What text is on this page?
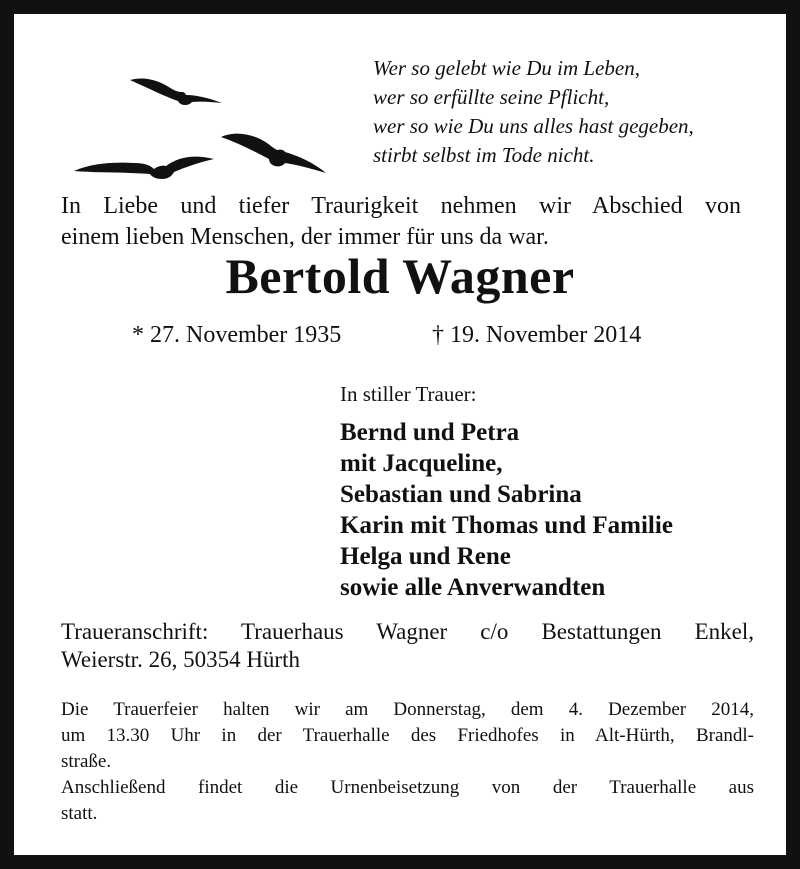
Wer so gelebt wie Du im Leben,
wer so erfüllte seine Pflicht,
wer so wie Du uns alles hast gegeben,
stirbt selbst im Tode nicht.
In Liebe und tiefer Traurigkeit nehmen wir Abschied von
einem lieben Menschen, der immer für uns da war.
Bertold Wagner
* 27. November 1935	† 19. November 2014
In stiller Trauer:
Bernd und Petra
mit Jacqueline,
Sebastian und Sabrina
Karin mit Thomas und Familie
Helga und Rene
sowie alle Anverwandten
Traueranschrift: Trauerhaus Wagner c/o Bestattungen Enkel,
Weierstr. 26, 50354 Hürth
Die Trauerfeier halten wir am Donnerstag, dem 4. Dezember 2014,
um 13.30 Uhr in der Trauerhalle des Friedhofes in Alt-Hürth, Brandl-
straße.
Anschließend findet die Urnenbeisetzung von der Trauerhalle aus
statt.
